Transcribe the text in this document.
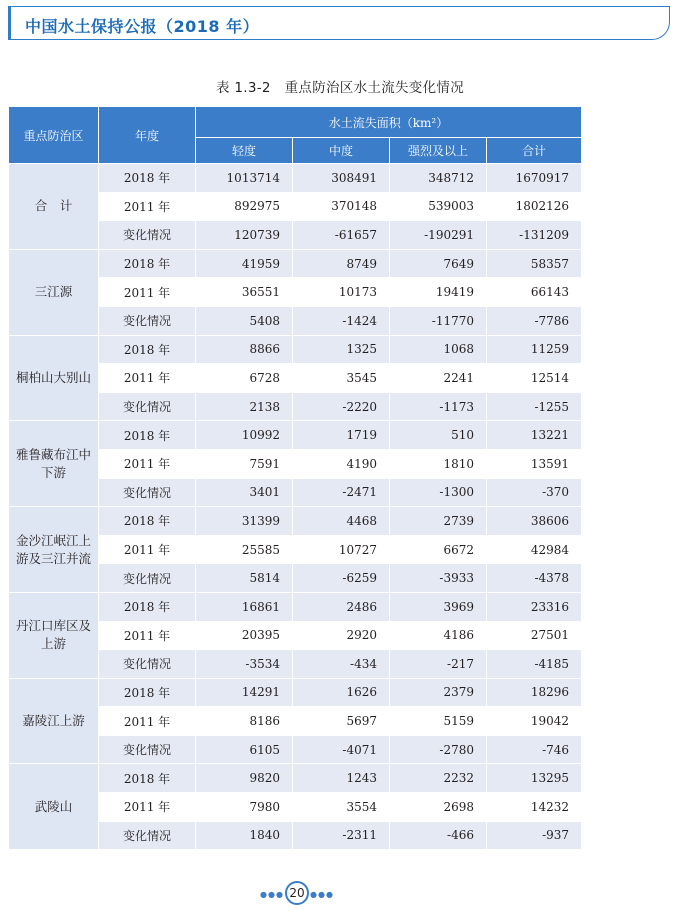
中国水土保持公报（2018 年）
表 1.3-2　重点防治区水土流失变化情况
重点防治区	年度	水土流失面积（km²）			
		轻度	中度	强烈及以上	合计
合　计	2018 年	1013714	308491	348712	1670917
	2011 年	892975	370148	539003	1802126
	变化情况	120739	-61657	-190291	-131209
三江源	2018 年	41959	8749	7649	58357
	2011 年	36551	10173	19419	66143
	变化情况	5408	-1424	-11770	-7786
桐柏山大别山	2018 年	8866	1325	1068	11259
	2011 年	6728	3545	2241	12514
	变化情况	2138	-2220	-1173	-1255
雅鲁藏布江中下游	2018 年	10992	1719	510	13221
	2011 年	7591	4190	1810	13591
	变化情况	3401	-2471	-1300	-370
金沙江岷江上游及三江并流	2018 年	31399	4468	2739	38606
	2011 年	25585	10727	6672	42984
	变化情况	5814	-6259	-3933	-4378
丹江口库区及上游	2018 年	16861	2486	3969	23316
	2011 年	20395	2920	4186	27501
	变化情况	-3534	-434	-217	-4185
嘉陵江上游	2018 年	14291	1626	2379	18296
	2011 年	8186	5697	5159	19042
	变化情况	6105	-4071	-2780	-746
武陵山	2018 年	9820	1243	2232	13295
	2011 年	7980	3554	2698	14232
	变化情况	1840	-2311	-466	-937
●●● 20 ●●●
